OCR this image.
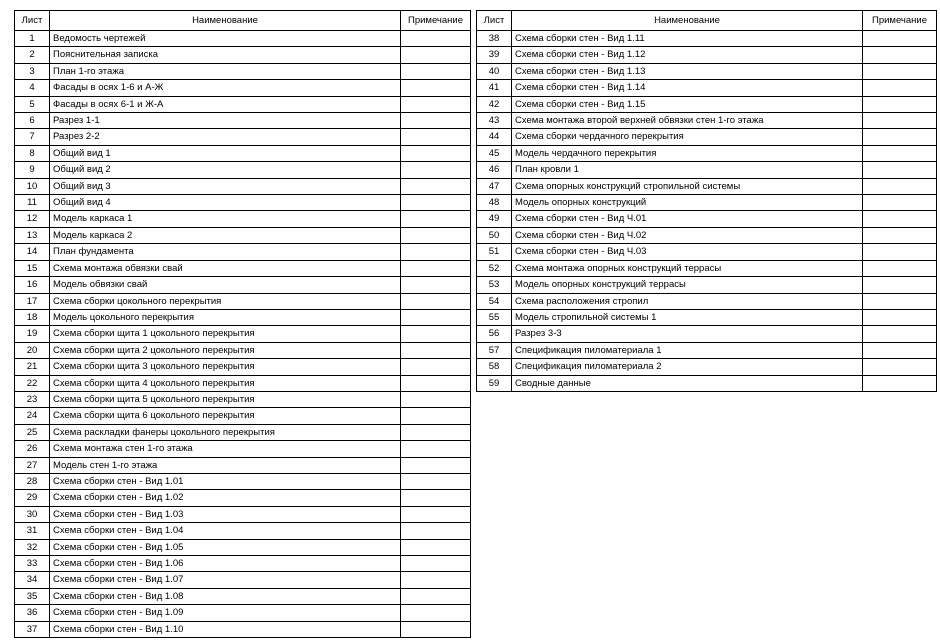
Лист	Наименование	Примечание
1	Ведомость чертежей	
2	Пояснительная записка	
3	План 1-го этажа	
4	Фасады в осях 1-6 и А-Ж	
5	Фасады в осях 6-1 и Ж-А	
6	Разрез 1-1	
7	Разрез 2-2	
8	Общий вид 1	
9	Общий вид 2	
10	Общий вид 3	
11	Общий вид 4	
12	Модель каркаса 1	
13	Модель каркаса 2	
14	План фундамента	
15	Схема монтажа обвязки свай	
16	Модель обвязки свай	
17	Схема сборки цокольного перекрытия	
18	Модель цокольного перекрытия	
19	Схема сборки щита 1 цокольного перекрытия	
20	Схема сборки щита 2 цокольного перекрытия	
21	Схема сборки щита 3 цокольного перекрытия	
22	Схема сборки щита 4 цокольного перекрытия	
23	Схема сборки щита 5 цокольного перекрытия	
24	Схема сборки щита 6 цокольного перекрытия	
25	Схема раскладки фанеры цокольного перекрытия	
26	Схема монтажа стен 1-го этажа	
27	Модель стен 1-го этажа	
28	Схема сборки стен - Вид 1.01	
29	Схема сборки стен - Вид 1.02	
30	Схема сборки стен - Вид 1.03	
31	Схема сборки стен - Вид 1.04	
32	Схема сборки стен - Вид 1.05	
33	Схема сборки стен - Вид 1.06	
34	Схема сборки стен - Вид 1.07	
35	Схема сборки стен - Вид 1.08	
36	Схема сборки стен - Вид 1.09	
37	Схема сборки стен - Вид 1.10	
Лист	Наименование	Примечание
38	Схема сборки стен - Вид 1.11	
39	Схема сборки стен - Вид 1.12	
40	Схема сборки стен - Вид 1.13	
41	Схема сборки стен - Вид 1.14	
42	Схема сборки стен - Вид 1.15	
43	Схема монтажа второй верхней обвязки стен 1-го этажа	
44	Схема сборки чердачного перекрытия	
45	Модель чердачного перекрытия	
46	План кровли 1	
47	Схема опорных конструкций стропильной системы	
48	Модель опорных конструкций	
49	Схема сборки стен - Вид Ч.01	
50	Схема сборки стен - Вид Ч.02	
51	Схема сборки стен - Вид Ч.03	
52	Схема монтажа опорных конструкций террасы	
53	Модель опорных конструкций террасы	
54	Схема расположения стропил	
55	Модель стропильной системы 1	
56	Разрез 3-3	
57	Спецификация пиломатериала 1	
58	Спецификация пиломатериала 2	
59	Сводные данные	
